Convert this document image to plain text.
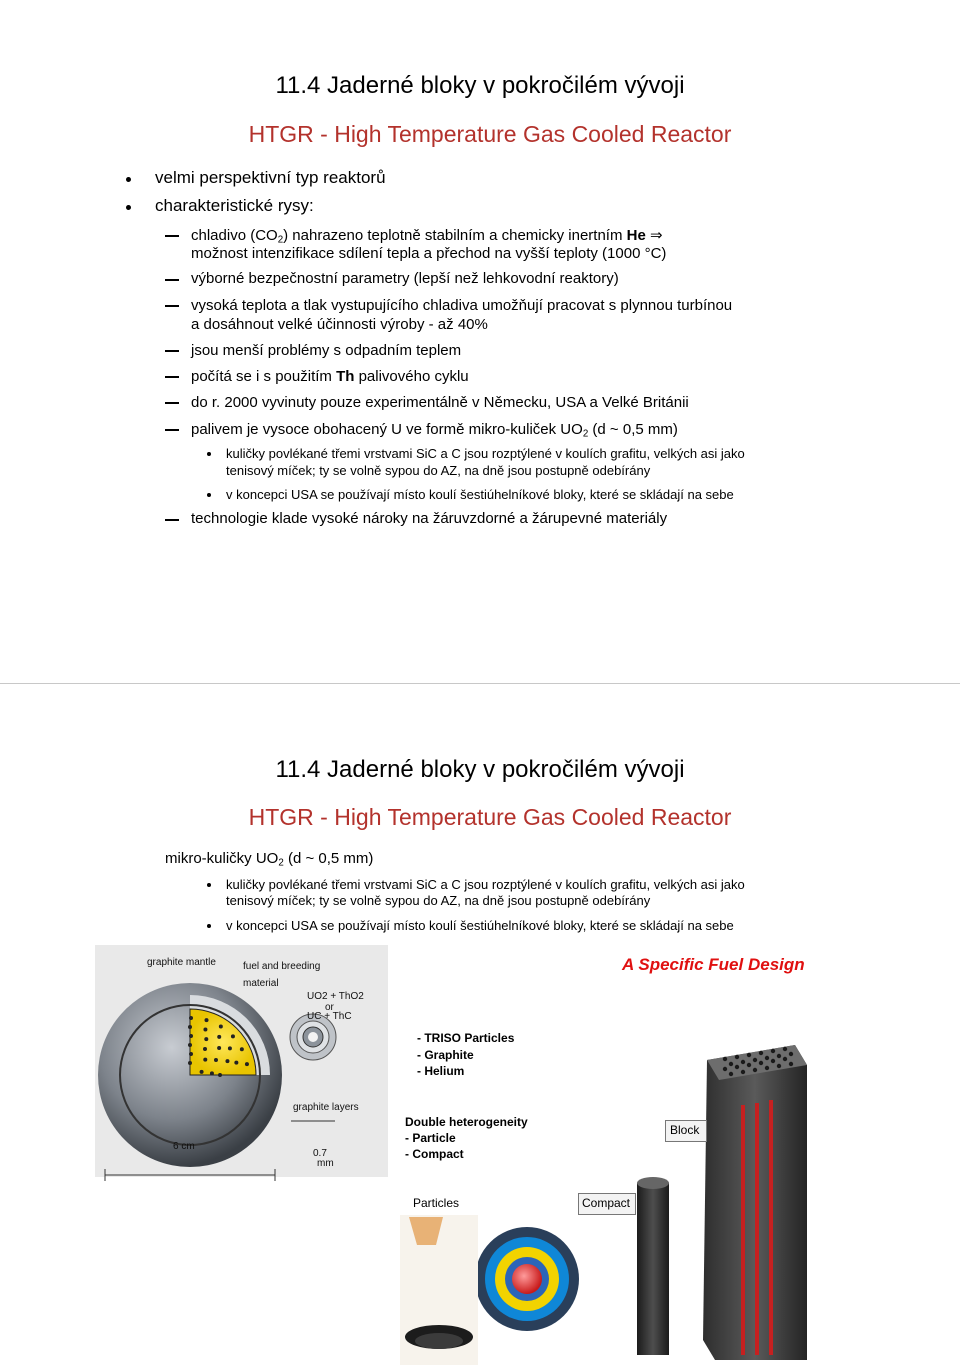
11.4 Jaderné bloky v pokročilém vývoji
HTGR - High Temperature Gas Cooled Reactor
velmi perspektivní typ reaktorů
charakteristické rysy:
chladivo $(CO_2)$ nahrazeno teplotně stabilním a chemicky inertním He ⇒
možnost intenzifikace sdílení tepla a přechod na vyšší teploty (1000 °C)
výborné bezpečnostní parametry (lepší než lehkovodní reaktory)
vysoká teplota a tlak vystupujícího chladiva umožňují pracovat s plynnou turbínou
a dosáhnout velké účinnosti výroby - až 40%
jsou menší problémy s odpadním teplem
počítá se i s použitím Th palivového cyklu
do r. 2000 vyvinuty pouze experimentálně v Německu, USA a Velké Británii
palivem je vysoce obohacený U ve formě mikro-kuliček $UO_2$ (d ~ 0,5 mm)
kuličky povlékané třemi vrstvami SiC a C jsou rozptýlené v koulích grafitu, velkých asi jako
tenisový míček; ty se volně sypou do AZ, na dně jsou postupně odebírány
v koncepci USA se používají místo koulí šestiúhelníkové bloky, které se skládají na sebe
technologie klade vysoké nároky na žáruvzdorné a žárupevné materiály
11.4 Jaderné bloky v pokročilém vývoji
HTGR - High Temperature Gas Cooled Reactor
mikro-kuličky $UO_2$ (d ~ 0,5 mm)
kuličky povlékané třemi vrstvami SiC a C jsou rozptýlené v koulích grafitu, velkých asi jako
tenisový míček; ty se volně sypou do AZ, na dně jsou postupně odebírány
v koncepci USA se používají místo koulí šestiúhelníkové bloky, které se skládají na sebe
graphite mantle	fuel and breeding
material
UO2 + ThO2
or
UC + ThC
graphite layers
6 cm
0.7
mm
A Specific Fuel Design
- TRISO Particles
- Graphite
- Helium
Double heterogeneity
- Particle
- Compact
Block
Particles	Compact
